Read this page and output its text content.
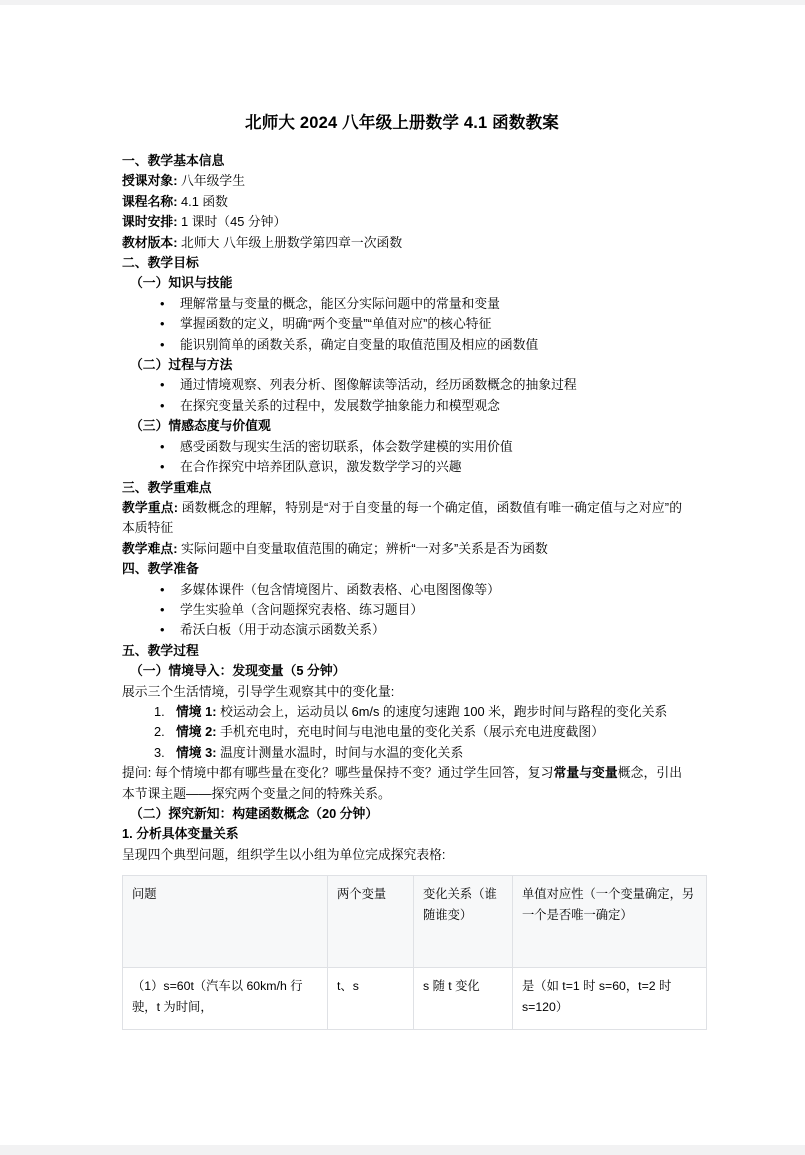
北师大 2024 八年级上册数学 4.1 函数教案
一、教学基本信息
授课对象: 八年级学生
课程名称: 4.1 函数
课时安排: 1 课时（45 分钟）
教材版本: 北师大 八年级上册数学第四章一次函数
二、教学目标
（一）知识与技能
• 理解常量与变量的概念，能区分实际问题中的常量和变量
• 掌握函数的定义，明确“两个变量”“单值对应”的核心特征
• 能识别简单的函数关系，确定自变量的取值范围及相应的函数值
（二）过程与方法
• 通过情境观察、列表分析、图像解读等活动，经历函数概念的抽象过程
• 在探究变量关系的过程中，发展数学抽象能力和模型观念
（三）情感态度与价值观
• 感受函数与现实生活的密切联系，体会数学建模的实用价值
• 在合作探究中培养团队意识，激发数学学习的兴趣
三、教学重难点
教学重点: 函数概念的理解，特别是“对于自变量的每一个确定值，函数值有唯一确定值与之对应”的本质特征
教学难点: 实际问题中自变量取值范围的确定；辨析“一对多”关系是否为函数
四、教学准备
• 多媒体课件（包含情境图片、函数表格、心电图图像等）
• 学生实验单（含问题探究表格、练习题目）
• 希沃白板（用于动态演示函数关系）
五、教学过程
（一）情境导入：发现变量（5 分钟）
展示三个生活情境，引导学生观察其中的变化量:
情境 1: 校运动会上，运动员以 6m/s 的速度匀速跑 100 米，跑步时间与路程的变化关系
情境 2: 手机充电时，充电时间与电池电量的变化关系（展示充电进度截图）
情境 3: 温度计测量水温时，时间与水温的变化关系
提问: 每个情境中都有哪些量在变化？哪些量保持不变？通过学生回答，复习常量与变量概念，引出本节课主题——探究两个变量之间的特殊关系。
（二）探究新知：构建函数概念（20 分钟）
1. 分析具体变量关系
呈现四个典型问题，组织学生以小组为单位完成探究表格:
问题	两个变量	变化关系（谁随谁变）	单值对应性（一个变量确定，另一个是否唯一确定）
（1）s=60t（汽车以 60km/h 行驶，t 为时间，	t、s	s 随 t 变化	是（如 t=1 时 s=60，t=2 时 s=120）
